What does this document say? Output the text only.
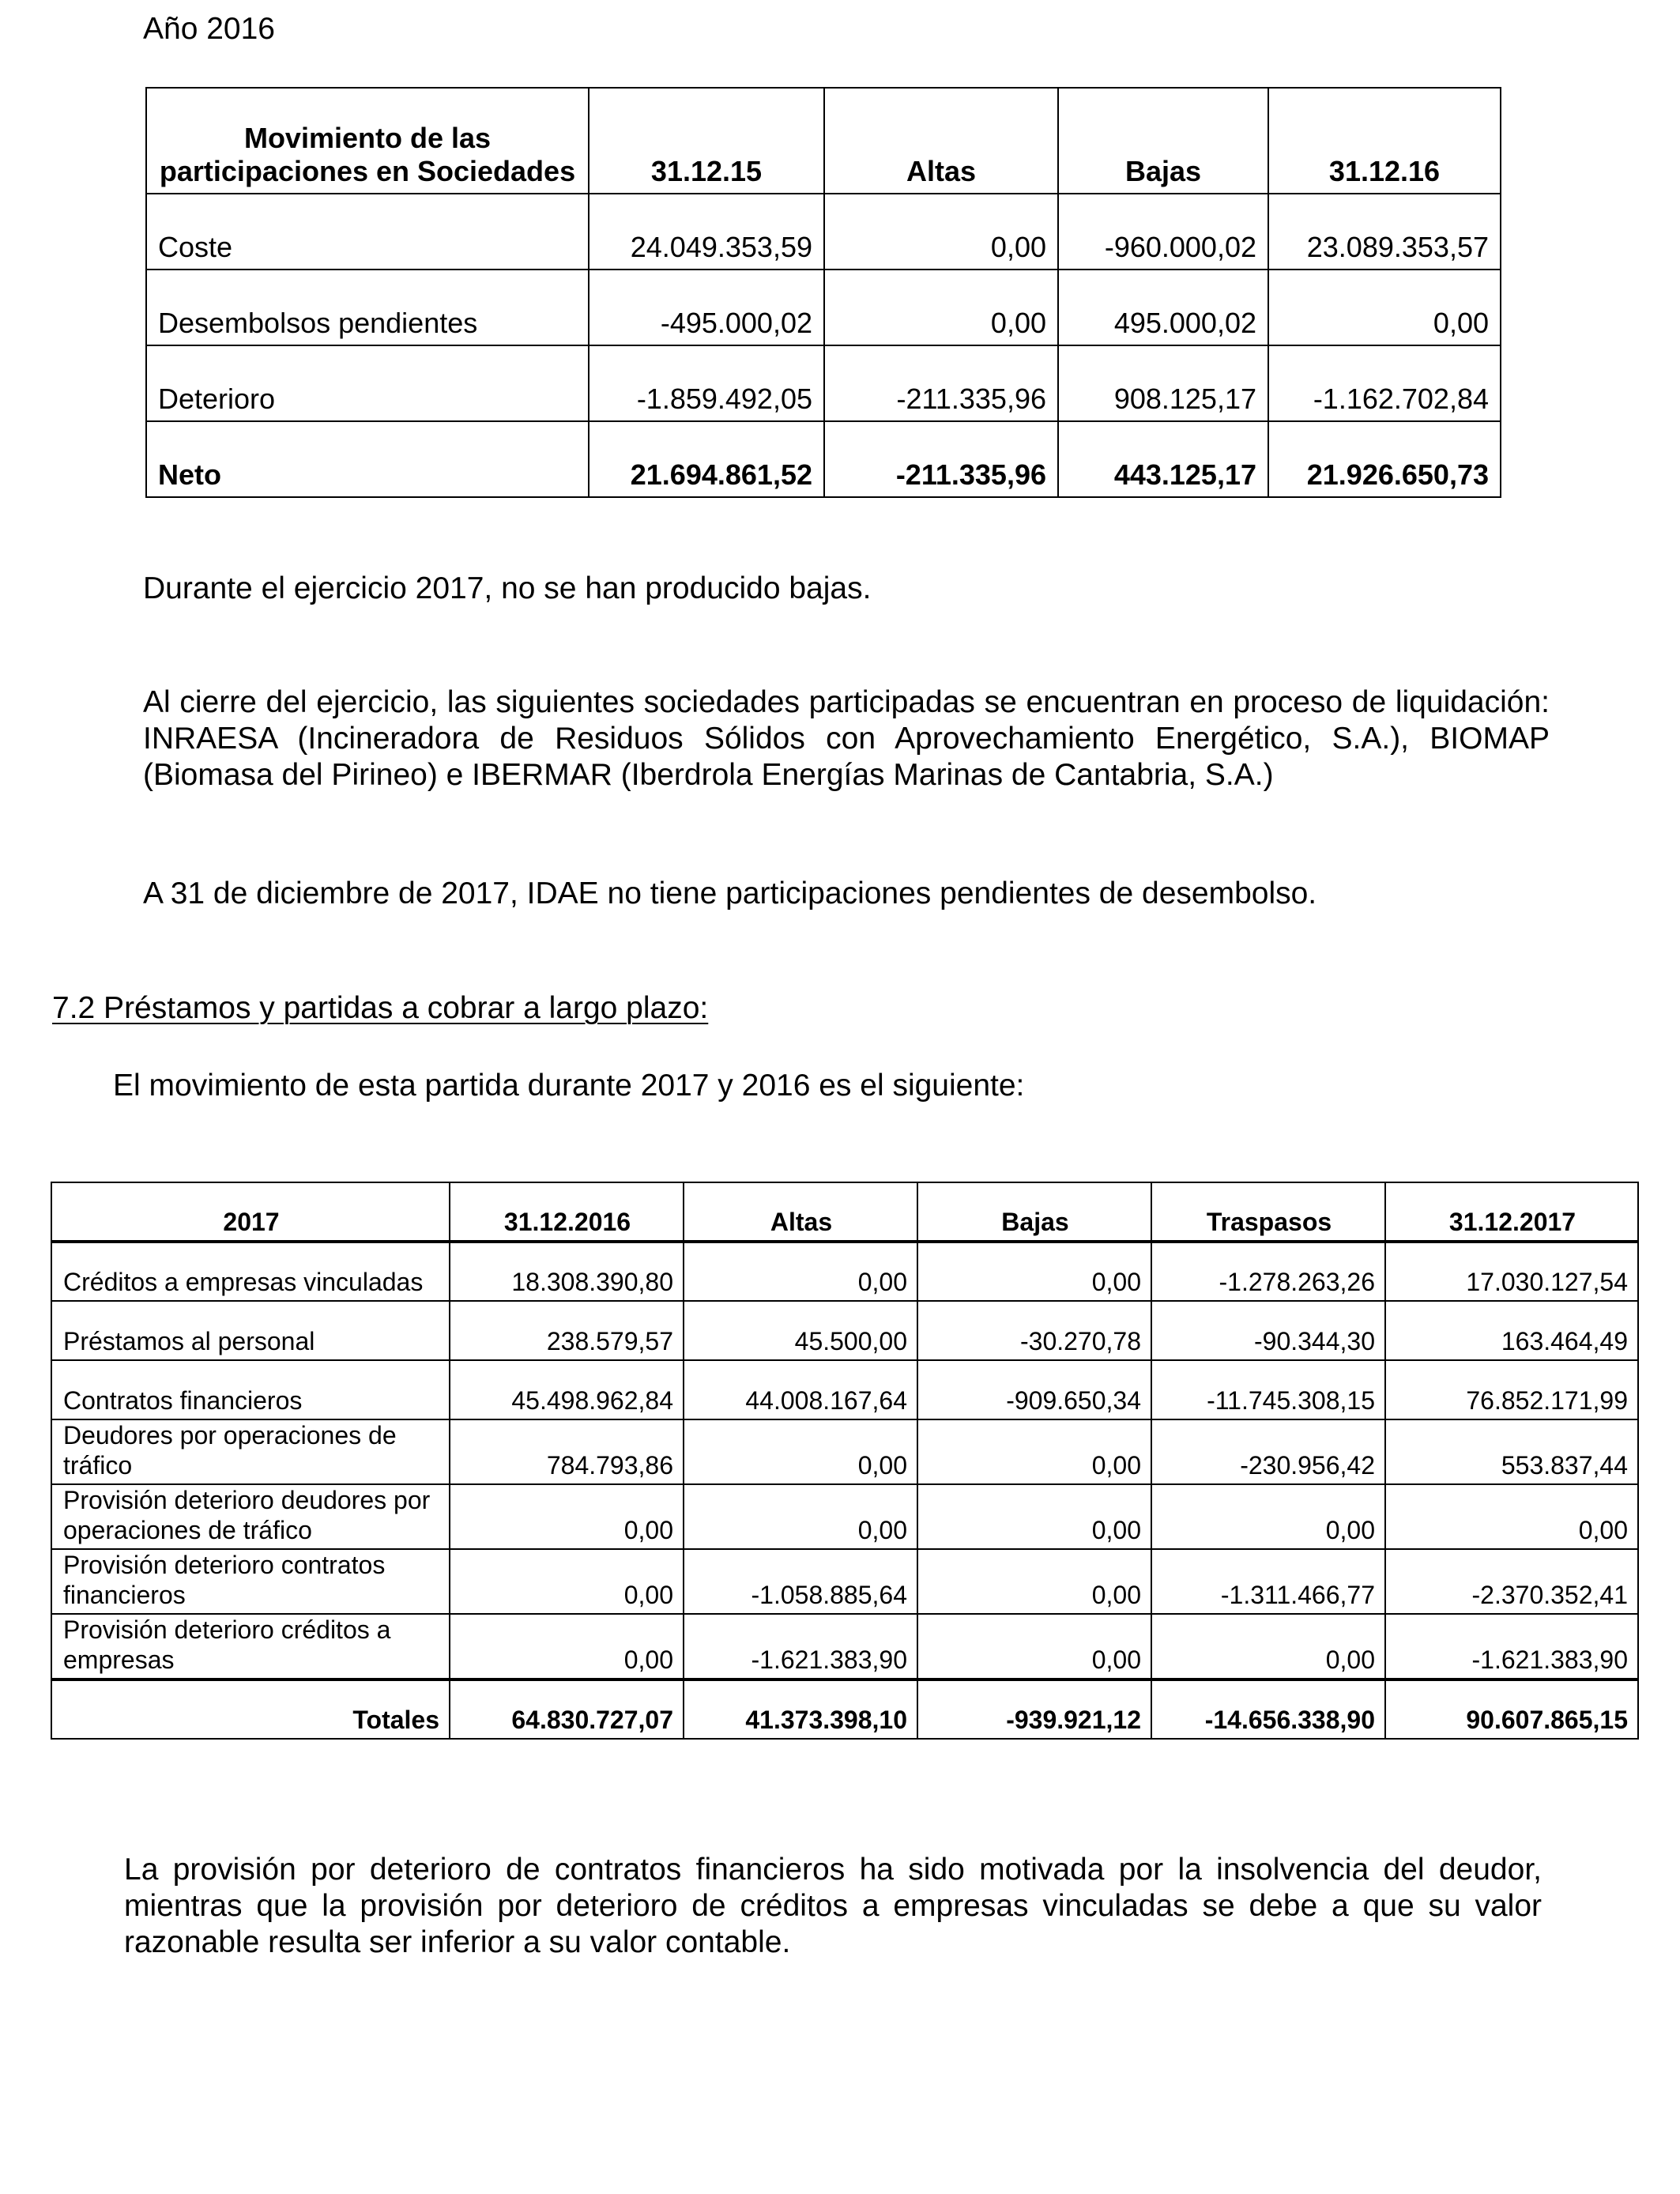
Año 2016
Movimiento de las participaciones en Sociedades	31.12.15	Altas	Bajas	31.12.16
Coste	24.049.353,59	0,00	-960.000,02	23.089.353,57
Desembolsos pendientes	-495.000,02	0,00	495.000,02	0,00
Deterioro	-1.859.492,05	-211.335,96	908.125,17	-1.162.702,84
Neto	21.694.861,52	-211.335,96	443.125,17	21.926.650,73
Durante el ejercicio 2017, no se han producido bajas.
Al cierre del ejercicio, las siguientes sociedades participadas se encuentran en proceso de liquidación: INRAESA (Incineradora de Residuos Sólidos con Aprovechamiento Energético, S.A.), BIOMAP (Biomasa del Pirineo) e IBERMAR (Iberdrola Energías Marinas de Cantabria, S.A.)
A 31 de diciembre de 2017, IDAE no tiene participaciones pendientes de desembolso.
7.2 Préstamos y partidas a cobrar a largo plazo:
El movimiento de esta partida durante 2017 y 2016 es el siguiente:
2017	31.12.2016	Altas	Bajas	Traspasos	31.12.2017
Créditos a empresas vinculadas	18.308.390,80	0,00	0,00	-1.278.263,26	17.030.127,54
Préstamos al personal	238.579,57	45.500,00	-30.270,78	-90.344,30	163.464,49
Contratos financieros	45.498.962,84	44.008.167,64	-909.650,34	-11.745.308,15	76.852.171,99
Deudores por operaciones de tráfico	784.793,86	0,00	0,00	-230.956,42	553.837,44
Provisión deterioro deudores por operaciones de tráfico	0,00	0,00	0,00	0,00	0,00
Provisión deterioro contratos financieros	0,00	-1.058.885,64	0,00	-1.311.466,77	-2.370.352,41
Provisión deterioro créditos a empresas	0,00	-1.621.383,90	0,00	0,00	-1.621.383,90
Totales	64.830.727,07	41.373.398,10	-939.921,12	-14.656.338,90	90.607.865,15
La provisión por deterioro de contratos financieros ha sido motivada por la insolvencia del deudor, mientras que la provisión por deterioro de créditos a empresas vinculadas se debe a que su valor razonable resulta ser inferior a su valor contable.
